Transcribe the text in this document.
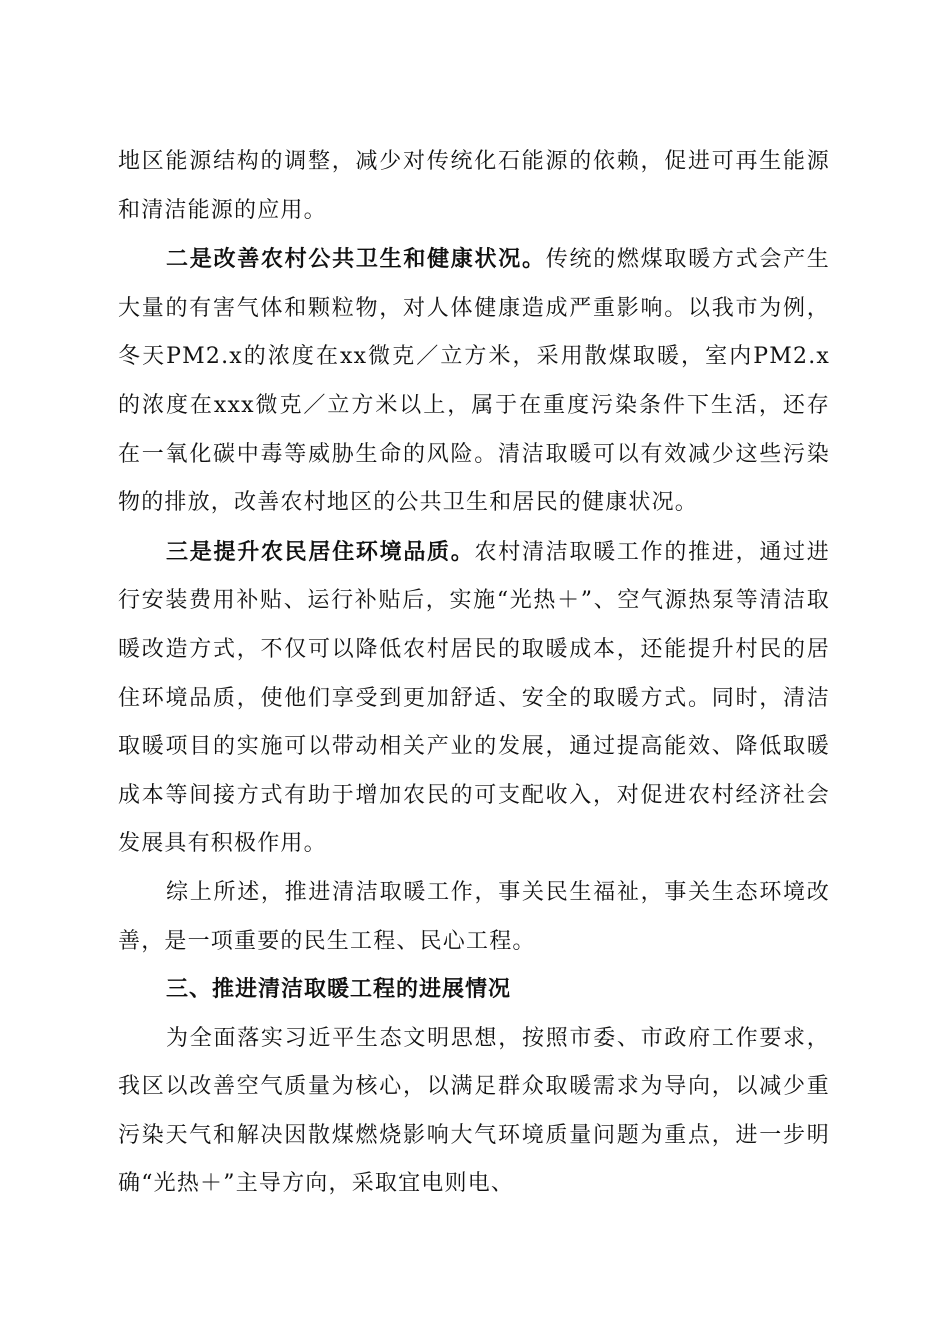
地区能源结构的调整，减少对传统化石能源的依赖，促进可再生能源和清洁能源的应用。

二是改善农村公共卫生和健康状况。传统的燃煤取暖方式会产生大量的有害气体和颗粒物，对人体健康造成严重影响。以我市为例，冬天PM2.x的浓度在xx微克／立方米，采用散煤取暖，室内PM2.x的浓度在xxx微克／立方米以上，属于在重度污染条件下生活，还存在一氧化碳中毒等威胁生命的风险。清洁取暖可以有效减少这些污染物的排放，改善农村地区的公共卫生和居民的健康状况。

三是提升农民居住环境品质。农村清洁取暖工作的推进，通过进行安装费用补贴、运行补贴后，实施“光热＋”、空气源热泵等清洁取暖改造方式，不仅可以降低农村居民的取暖成本，还能提升村民的居住环境品质，使他们享受到更加舒适、安全的取暖方式。同时，清洁取暖项目的实施可以带动相关产业的发展，通过提高能效、降低取暖成本等间接方式有助于增加农民的可支配收入，对促进农村经济社会发展具有积极作用。

综上所述，推进清洁取暖工作，事关民生福祉，事关生态环境改善，是一项重要的民生工程、民心工程。

三、推进清洁取暖工程的进展情况

为全面落实习近平生态文明思想，按照市委、市政府工作要求，我区以改善空气质量为核心，以满足群众取暖需求为导向，以减少重污染天气和解决因散煤燃烧影响大气环境质量问题为重点，进一步明确“光热＋”主导方向，采取宜电则电、
